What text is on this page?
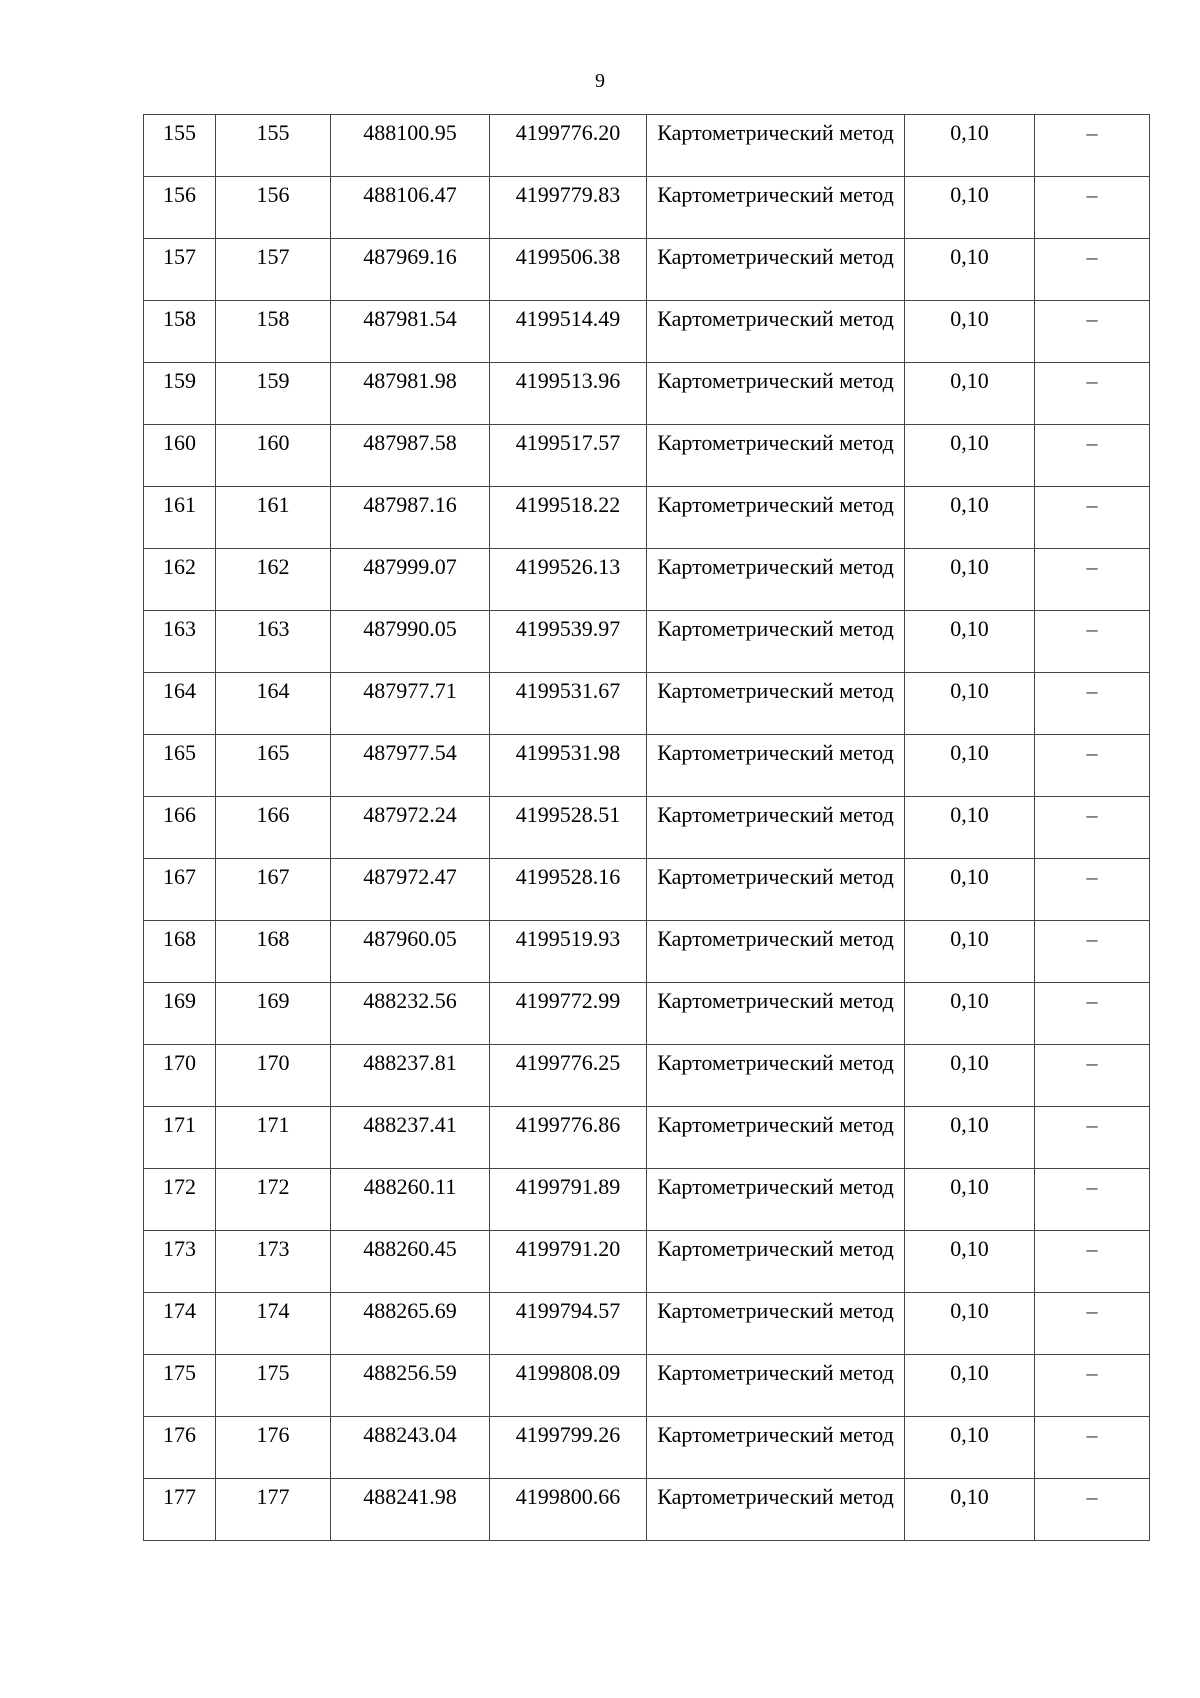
9
155	155	488100.95	4199776.20	Картометрический метод	0,10	–

156	156	488106.47	4199779.83	Картометрический метод	0,10	–

157	157	487969.16	4199506.38	Картометрический метод	0,10	–

158	158	487981.54	4199514.49	Картометрический метод	0,10	–

159	159	487981.98	4199513.96	Картометрический метод	0,10	–

160	160	487987.58	4199517.57	Картометрический метод	0,10	–

161	161	487987.16	4199518.22	Картометрический метод	0,10	–

162	162	487999.07	4199526.13	Картометрический метод	0,10	–

163	163	487990.05	4199539.97	Картометрический метод	0,10	–

164	164	487977.71	4199531.67	Картометрический метод	0,10	–

165	165	487977.54	4199531.98	Картометрический метод	0,10	–

166	166	487972.24	4199528.51	Картометрический метод	0,10	–

167	167	487972.47	4199528.16	Картометрический метод	0,10	–

168	168	487960.05	4199519.93	Картометрический метод	0,10	–

169	169	488232.56	4199772.99	Картометрический метод	0,10	–

170	170	488237.81	4199776.25	Картометрический метод	0,10	–

171	171	488237.41	4199776.86	Картометрический метод	0,10	–

172	172	488260.11	4199791.89	Картометрический метод	0,10	–

173	173	488260.45	4199791.20	Картометрический метод	0,10	–

174	174	488265.69	4199794.57	Картометрический метод	0,10	–

175	175	488256.59	4199808.09	Картометрический метод	0,10	–

176	176	488243.04	4199799.26	Картометрический метод	0,10	–

177	177	488241.98	4199800.66	Картометрический метод	0,10	–
